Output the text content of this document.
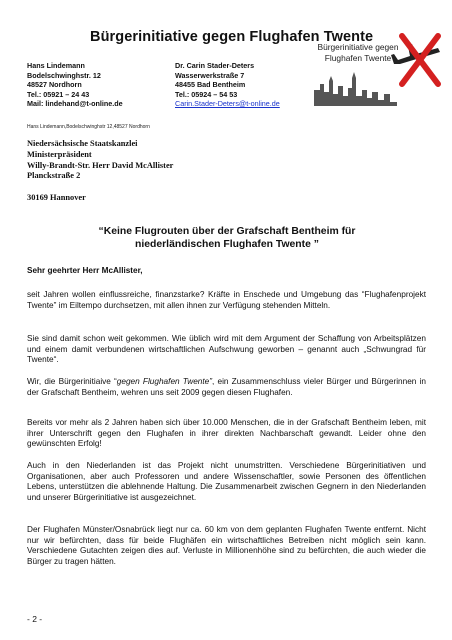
Bürgerinitiative gegen Flughafen Twente
Hans Lindemann
Bodelschwinghstr. 12
48527 Nordhorn
Tel.: 05921 – 24 43
Mail: lindehand@t-online.de
Dr. Carin Stader-Deters
Wasserwerkstraße 7
48455 Bad Bentheim
Tel.: 05924 – 54 53
Carin.Stader-Deters@t-online.de
Bürgerinitiative gegen
Flughafen Twente
Hans Lindemann,Bodelschwinghstr 12,48527 Nordhorn
Niedersächsische Staatskanzlei
Ministerpräsident
Willy-Brandt-Str. Herr David McAllister
Planckstraße 2
30169 Hannover
“Keine Flugrouten über der Grafschaft Bentheim für
niederländischen Flughafen Twente ”
Sehr geehrter Herr McAllister,

seit Jahren wollen einflussreiche, finanzstarke? Kräfte in Enschede und Umgebung das “Flughafenprojekt Twente” im Eiltempo durchsetzen, mit allen ihnen zur Verfügung stehenden Mitteln.

Sie sind damit schon weit gekommen. Wie üblich wird mit dem Argument der Schaffung von Arbeitsplätzen und einem damit verbundenen wirtschaftlichen Aufschwung geworben – genannt auch „Schwungrad für Twente“.

Wir, die Bürgerinitiaive “gegen Flughafen Twente”, ein Zusammenschluss vieler Bürger und Bürgerinnen in der Grafschaft Bentheim, wehren uns seit 2009 gegen diesen Flughafen.

Bereits vor mehr als 2 Jahren haben sich über 10.000 Menschen, die in der Grafschaft Bentheim leben, mit ihrer Unterschrift gegen den Flughafen in ihrer direkten Nachbarschaft gewandt. Leider ohne den gewünschten Erfolg!

Auch in den Niederlanden ist das Projekt nicht unumstritten. Verschiedene Bürgerinitiativen und Organisationen, aber auch Professoren und andere Wissenschaftler, sowie Personen des öffentlichen Lebens, unterstützen die ablehnende Haltung. Die Zusammenarbeit zwischen Gegnern in den Niederlanden und unserer Bürgerinitiative ist ausgezeichnet.

Der Flughafen Münster/Osnabrück liegt nur ca. 60 km von dem geplanten Flughafen Twente entfernt. Nicht nur wir befürchten, dass für beide Flughäfen ein wirtschaftliches Betreiben nicht möglich sein kann. Verschiedene Gutachten zeigen dies auf. Verluste in Millionenhöhe sind zu befürchten, die auch wieder die Bürger zu tragen hätten.

- 2 -
